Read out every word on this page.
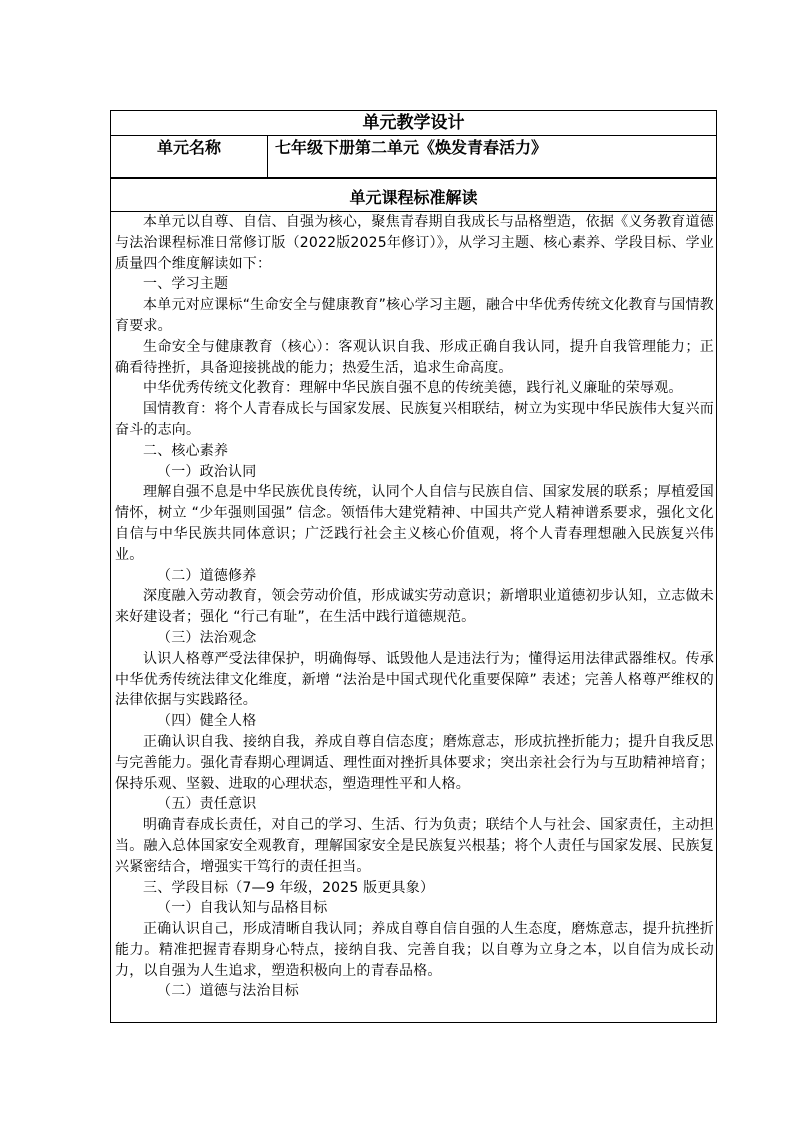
单元教学设计
单元名称	七年级下册第二单元《焕发青春活力》
单元课程标准解读

本单元以自尊、自信、自强为核心，聚焦青春期自我成长与品格塑造，依据《义务教育道德与法治课程标准日常修订版（2022版2025年修订）》，从学习主题、核心素养、学段目标、学业质量四个维度解读如下：

一、学习主题

本单元对应课标“生命安全与健康教育”核心学习主题，融合中华优秀传统文化教育与国情教育要求。

生命安全与健康教育（核心）：客观认识自我、形成正确自我认同，提升自我管理能力；正确看待挫折，具备迎接挑战的能力；热爱生活，追求生命高度。

中华优秀传统文化教育：理解中华民族自强不息的传统美德，践行礼义廉耻的荣辱观。

国情教育：将个人青春成长与国家发展、民族复兴相联结，树立为实现中华民族伟大复兴而奋斗的志向。

二、核心素养

（一）政治认同

理解自强不息是中华民族优良传统，认同个人自信与民族自信、国家发展的联系；厚植爱国情怀，树立 “少年强则国强” 信念。领悟伟大建党精神、中国共产党人精神谱系要求，强化文化自信与中华民族共同体意识；广泛践行社会主义核心价值观，将个人青春理想融入民族复兴伟业。

（二）道德修养

深度融入劳动教育，领会劳动价值，形成诚实劳动意识；新增职业道德初步认知，立志做未来好建设者；强化 “行己有耻”，在生活中践行道德规范。

（三）法治观念

认识人格尊严受法律保护，明确侮辱、诋毁他人是违法行为；懂得运用法律武器维权。传承中华优秀传统法律文化维度，新增 “法治是中国式现代化重要保障” 表述；完善人格尊严维权的法律依据与实践路径。

（四）健全人格

正确认识自我、接纳自我，养成自尊自信态度；磨炼意志，形成抗挫折能力；提升自我反思与完善能力。强化青春期心理调适、理性面对挫折具体要求；突出亲社会行为与互助精神培育；保持乐观、坚毅、进取的心理状态，塑造理性平和人格。

（五）责任意识

明确青春成长责任，对自己的学习、生活、行为负责；联结个人与社会、国家责任，主动担当。融入总体国家安全观教育，理解国家安全是民族复兴根基；将个人责任与国家发展、民族复兴紧密结合，增强实干笃行的责任担当。

三、学段目标（7—9 年级，2025 版更具象）

（一）自我认知与品格目标

正确认识自己，形成清晰自我认同；养成自尊自信自强的人生态度，磨炼意志，提升抗挫折能力。精准把握青春期身心特点，接纳自我、完善自我；以自尊为立身之本，以自信为成长动力，以自强为人生追求，塑造积极向上的青春品格。

（二）道德与法治目标
